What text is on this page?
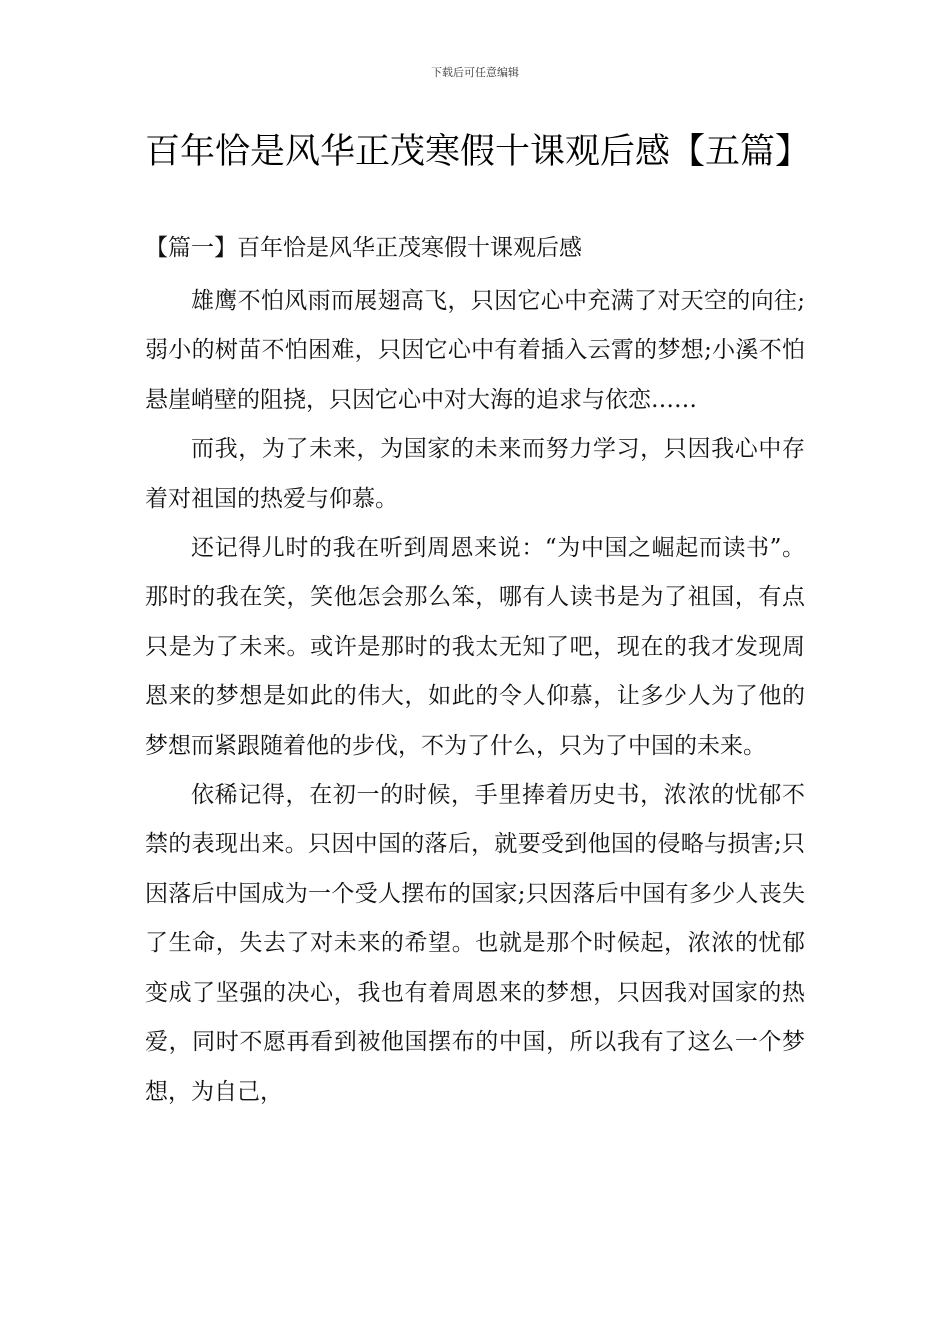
下载后可任意编辑
百年恰是风华正茂寒假十课观后感【五篇】
【篇一】百年恰是风华正茂寒假十课观后感

雄鹰不怕风雨而展翅高飞，只因它心中充满了对天空的向往;弱小的树苗不怕困难，只因它心中有着插入云霄的梦想;小溪不怕悬崖峭壁的阻挠，只因它心中对大海的追求与依恋……

而我，为了未来，为国家的未来而努力学习，只因我心中存着对祖国的热爱与仰慕。

还记得儿时的我在听到周恩来说：“为中国之崛起而读书”。那时的我在笑，笑他怎会那么笨，哪有人读书是为了祖国，有点只是为了未来。或许是那时的我太无知了吧，现在的我才发现周恩来的梦想是如此的伟大，如此的令人仰慕，让多少人为了他的梦想而紧跟随着他的步伐，不为了什么，只为了中国的未来。

依稀记得，在初一的时候，手里捧着历史书，浓浓的忧郁不禁的表现出来。只因中国的落后，就要受到他国的侵略与损害;只因落后中国成为一个受人摆布的国家;只因落后中国有多少人丧失了生命，失去了对未来的希望。也就是那个时候起，浓浓的忧郁变成了坚强的决心，我也有着周恩来的梦想，只因我对国家的热爱，同时不愿再看到被他国摆布的中国，所以我有了这么一个梦想，为自己，
